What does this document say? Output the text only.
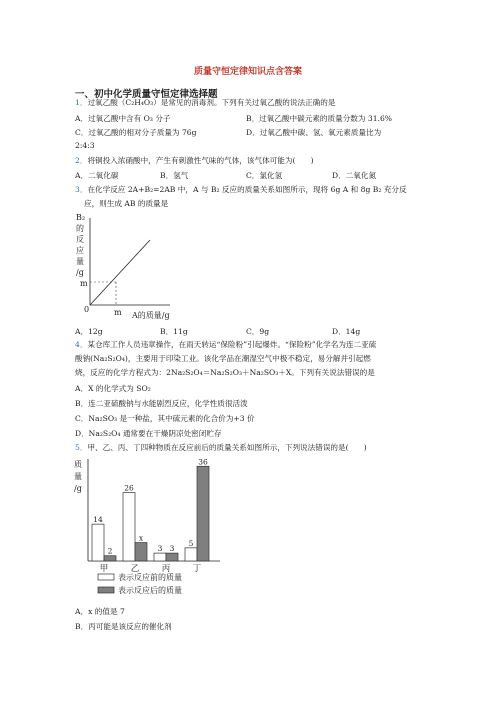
质量守恒定律知识点含答案
一、初中化学质量守恒定律选择题
1．过氧乙酸（C₂H₄O₃）是常见的消毒剂。下列有关过氧乙酸的说法正确的是
A．过氧乙酸中含有 O₃ 分子	B．过氧乙酸中碳元素的质量分数为 31.6%
C．过氧乙酸的相对分子质量为 76g	D．过氧乙酸中碳、氢、氧元素质量比为
2:4:3
2．将铜投入浓硝酸中，产生有刺激性气味的气体，该气体可能为(　　)
A．二氧化碳	B．氢气	C．氯化氢	D．二氧化氮
3．在化学反应 2A+B₂=2AB 中，A 与 B₂ 反应的质量关系如图所示，现将 6g A 和 8g B₂ 充分反
应，则生成 AB 的质量是
B₂
的
反
应
量
/g
m
0	m A的质量/g
A．12g	B．11g	C．9g	D．14g
4．某仓库工作人员违章操作，在雨天转运“保险粉”引起爆炸。“保险粉”化学名为连二亚硫
酸钠(Na₂S₂O₄)，主要用于印染工业。该化学品在潮湿空气中极不稳定，易分解并引起燃
烧，反应的化学方程式为：2Na₂S₂O₄＝Na₂S₂O₃＋Na₂SO₃＋X。下列有关说法错误的是
A．X 的化学式为 SO₂
B．连二亚硫酸钠与水能剧烈反应，化学性质很活泼
C．Na₂SO₃ 是一种盐，其中硫元素的化合价为+3 价
D．Na₂S₂O₄ 通常要在干燥阴凉处密闭贮存
5．甲、乙、丙、丁四种物质在反应前后的质量关系如图所示，下列说法错误的是(　　)
质
量
/g
14
2
26
x
3 3
5
36
甲	乙	丙	丁
表示反应前的质量
表示反应后的质量
A．x 的值是 7
B．丙可能是该反应的催化剂
